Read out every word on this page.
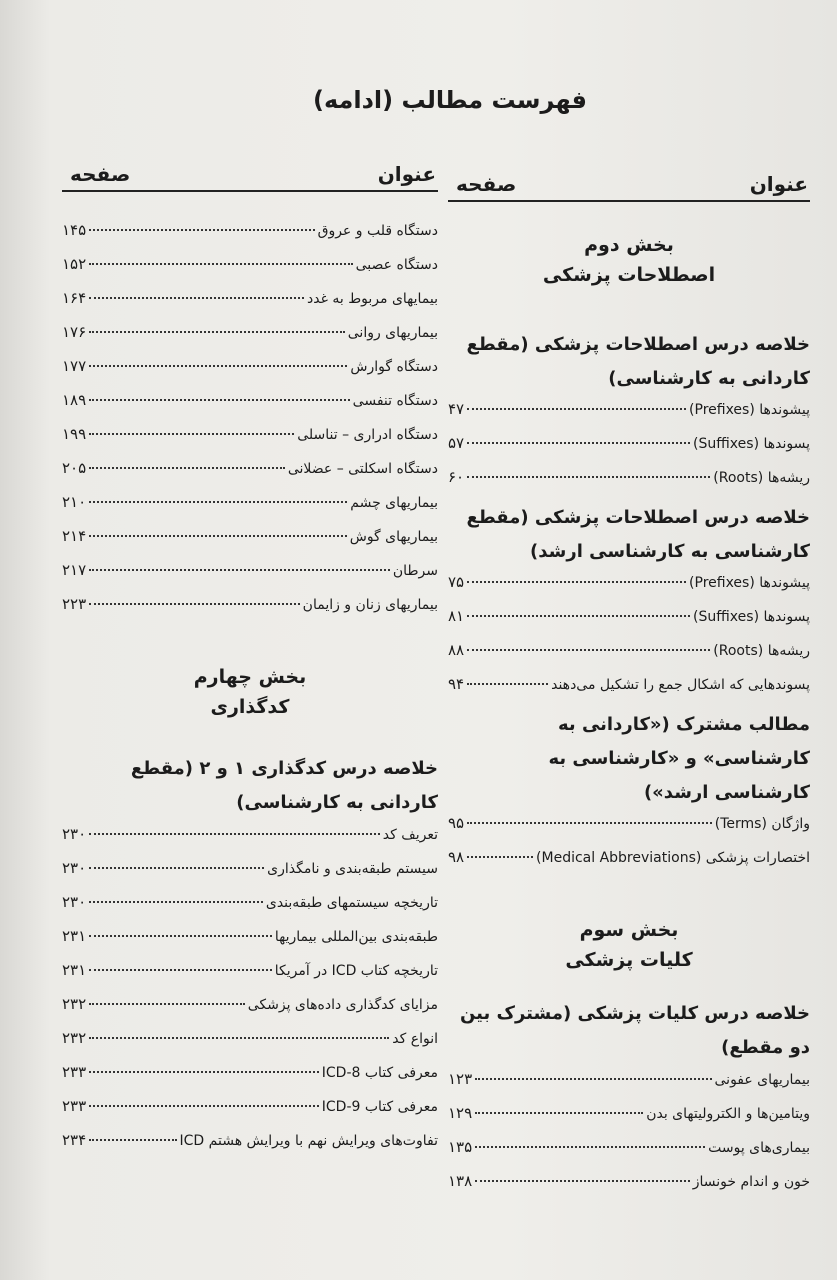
فهرست مطالب (ادامه)
عنوان
صفحه
بخش دوم
اصطلاحات پزشکی
خلاصه درس اصطلاحات پزشکی (مقطع کاردانی به کارشناسی)
پیشوندها (Prefixes)
۴۷
پسوندها (Suffixes)
۵۷
ریشه‌ها (Roots)
۶۰
خلاصه درس اصطلاحات پزشکی (مقطع کارشناسی به کارشناسی ارشد)
پیشوندها (Prefixes)
۷۵
پسوندها (Suffixes)
۸۱
ریشه‌ها (Roots)
۸۸
پسوندهایی که اشکال جمع را تشکیل می‌دهند
۹۴
مطالب مشترک («کاردانی به کارشناسی» و «کارشناسی به کارشناسی ارشد»)
واژگان (Terms)
۹۵
اختصارات پزشکی (Medical Abbreviations)
۹۸
بخش سوم
کلیات پزشکی
خلاصه درس کلیات پزشکی (مشترک بین دو مقطع)
بیماریهای عفونی
۱۲۳
ویتامین‌ها و الکترولیتهای بدن
۱۲۹
بیماری‌های پوست
۱۳۵
خون و اندام خونساز
۱۳۸
عنوان
صفحه
دستگاه قلب و عروق
۱۴۵
دستگاه عصبی
۱۵۲
بیمایهای مربوط به غدد
۱۶۴
بیماریهای روانی
۱۷۶
دستگاه گوارش
۱۷۷
دستگاه تنفسی
۱۸۹
دستگاه ادراری – تناسلی
۱۹۹
دستگاه اسکلتی – عضلانی
۲۰۵
بیماریهای چشم
۲۱۰
بیماریهای گوش
۲۱۴
سرطان
۲۱۷
بیماریهای زنان و زایمان
۲۲۳
بخش چهارم
کدگذاری
خلاصه درس کدگذاری ۱ و ۲ (مقطع کاردانی به کارشناسی)
تعریف کد
۲۳۰
سیستم طبقه‌بندی و نامگذاری
۲۳۰
تاریخچه سیستمهای طبقه‌بندی
۲۳۰
طبقه‌بندی بین‌المللی بیماریها
۲۳۱
تاریخچه کتاب ICD در آمریکا
۲۳۱
مزایای کدگذاری داده‌های پزشکی
۲۳۲
انواع کد
۲۳۲
معرفی کتاب ICD-8
۲۳۳
معرفی کتاب ICD-9
۲۳۳
تفاوت‌های ویرایش نهم با ویرایش هشتم ICD
۲۳۴
